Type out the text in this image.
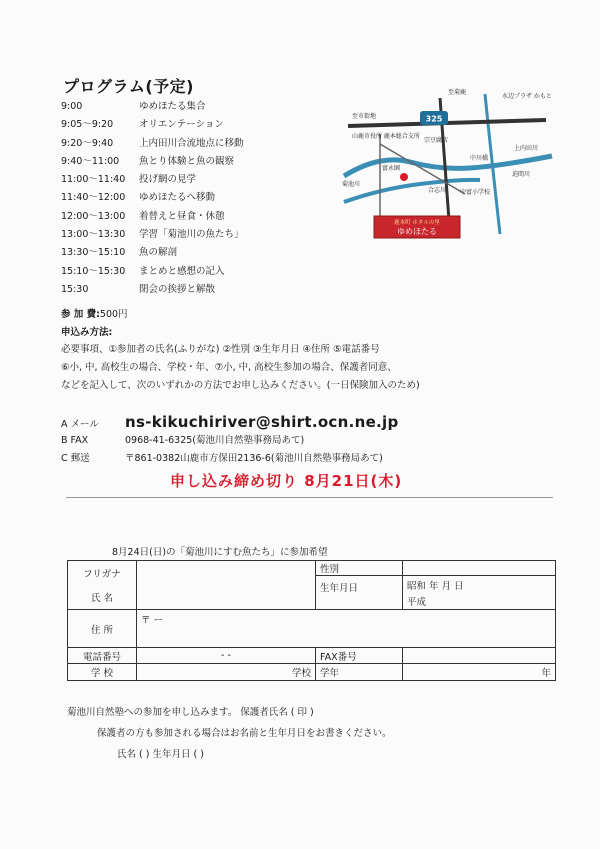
プログラム(予定)
9:00	ゆめほたる集合
9:05〜9:20	オリエンテーション
9:20〜9:40	上内田川合流地点に移動
9:40〜11:00 魚とり体験と魚の観察
11:00〜11:40 投げ網の見学
11:40〜12:00 ゆめほたるへ移動
12:00〜13:00 着替えと昼食・休憩
13:00〜13:30 学習「菊池川の魚たち」
13:30〜15:10 魚の解剖
15:10〜15:30 まとめと感想の記入
15:30	閉会の挨拶と解散
参 加 費:500円
申込み方法:
必要事項、①参加者の氏名(ふりがな) ②性別 ③生年月日 ④住所 ⑤電話番号
⑥小, 中, 高校生の場合、学校・年、⑦小, 中, 高校生参加の場合、保護者同意、
などを記入して、次のいずれかの方法でお申し込みください。(一日保険加入のため)
A メール ns-kikuchiriver@shirt.ocn.ne.jp
B FAX	0968-41-6325(菊池川自然塾事務局あて)
C 郵送	〒861-0382山鹿市方保田2136-6(菊池川自然塾事務局あて)
申し込み締め切り 8月21日(木)
325
鹿本町 ホタルの里
ゆめほたる
至菊鹿
水辺プラザ かもと
至市街地
山鹿市役所 鹿本総合支所
宗豆腐店
上内田川
中川橋
富永園
迫間川
菊池川
合志川 中富小学校
8月24日(日)の「菊池川にすむ魚たち」に参加希望
フリガナ
氏 名		性別	
		生年月日	昭和 年 月 日
			平成
住 所	〒 ー		
電話番号	- -	FAX番号	
学 校	学校	学年	年
菊池川自然塾への参加を申し込みます。 保護者氏名 ( 印 )
保護者の方も参加される場合はお名前と生年月日をお書きください。
氏名 ( ) 生年月日 ( )
